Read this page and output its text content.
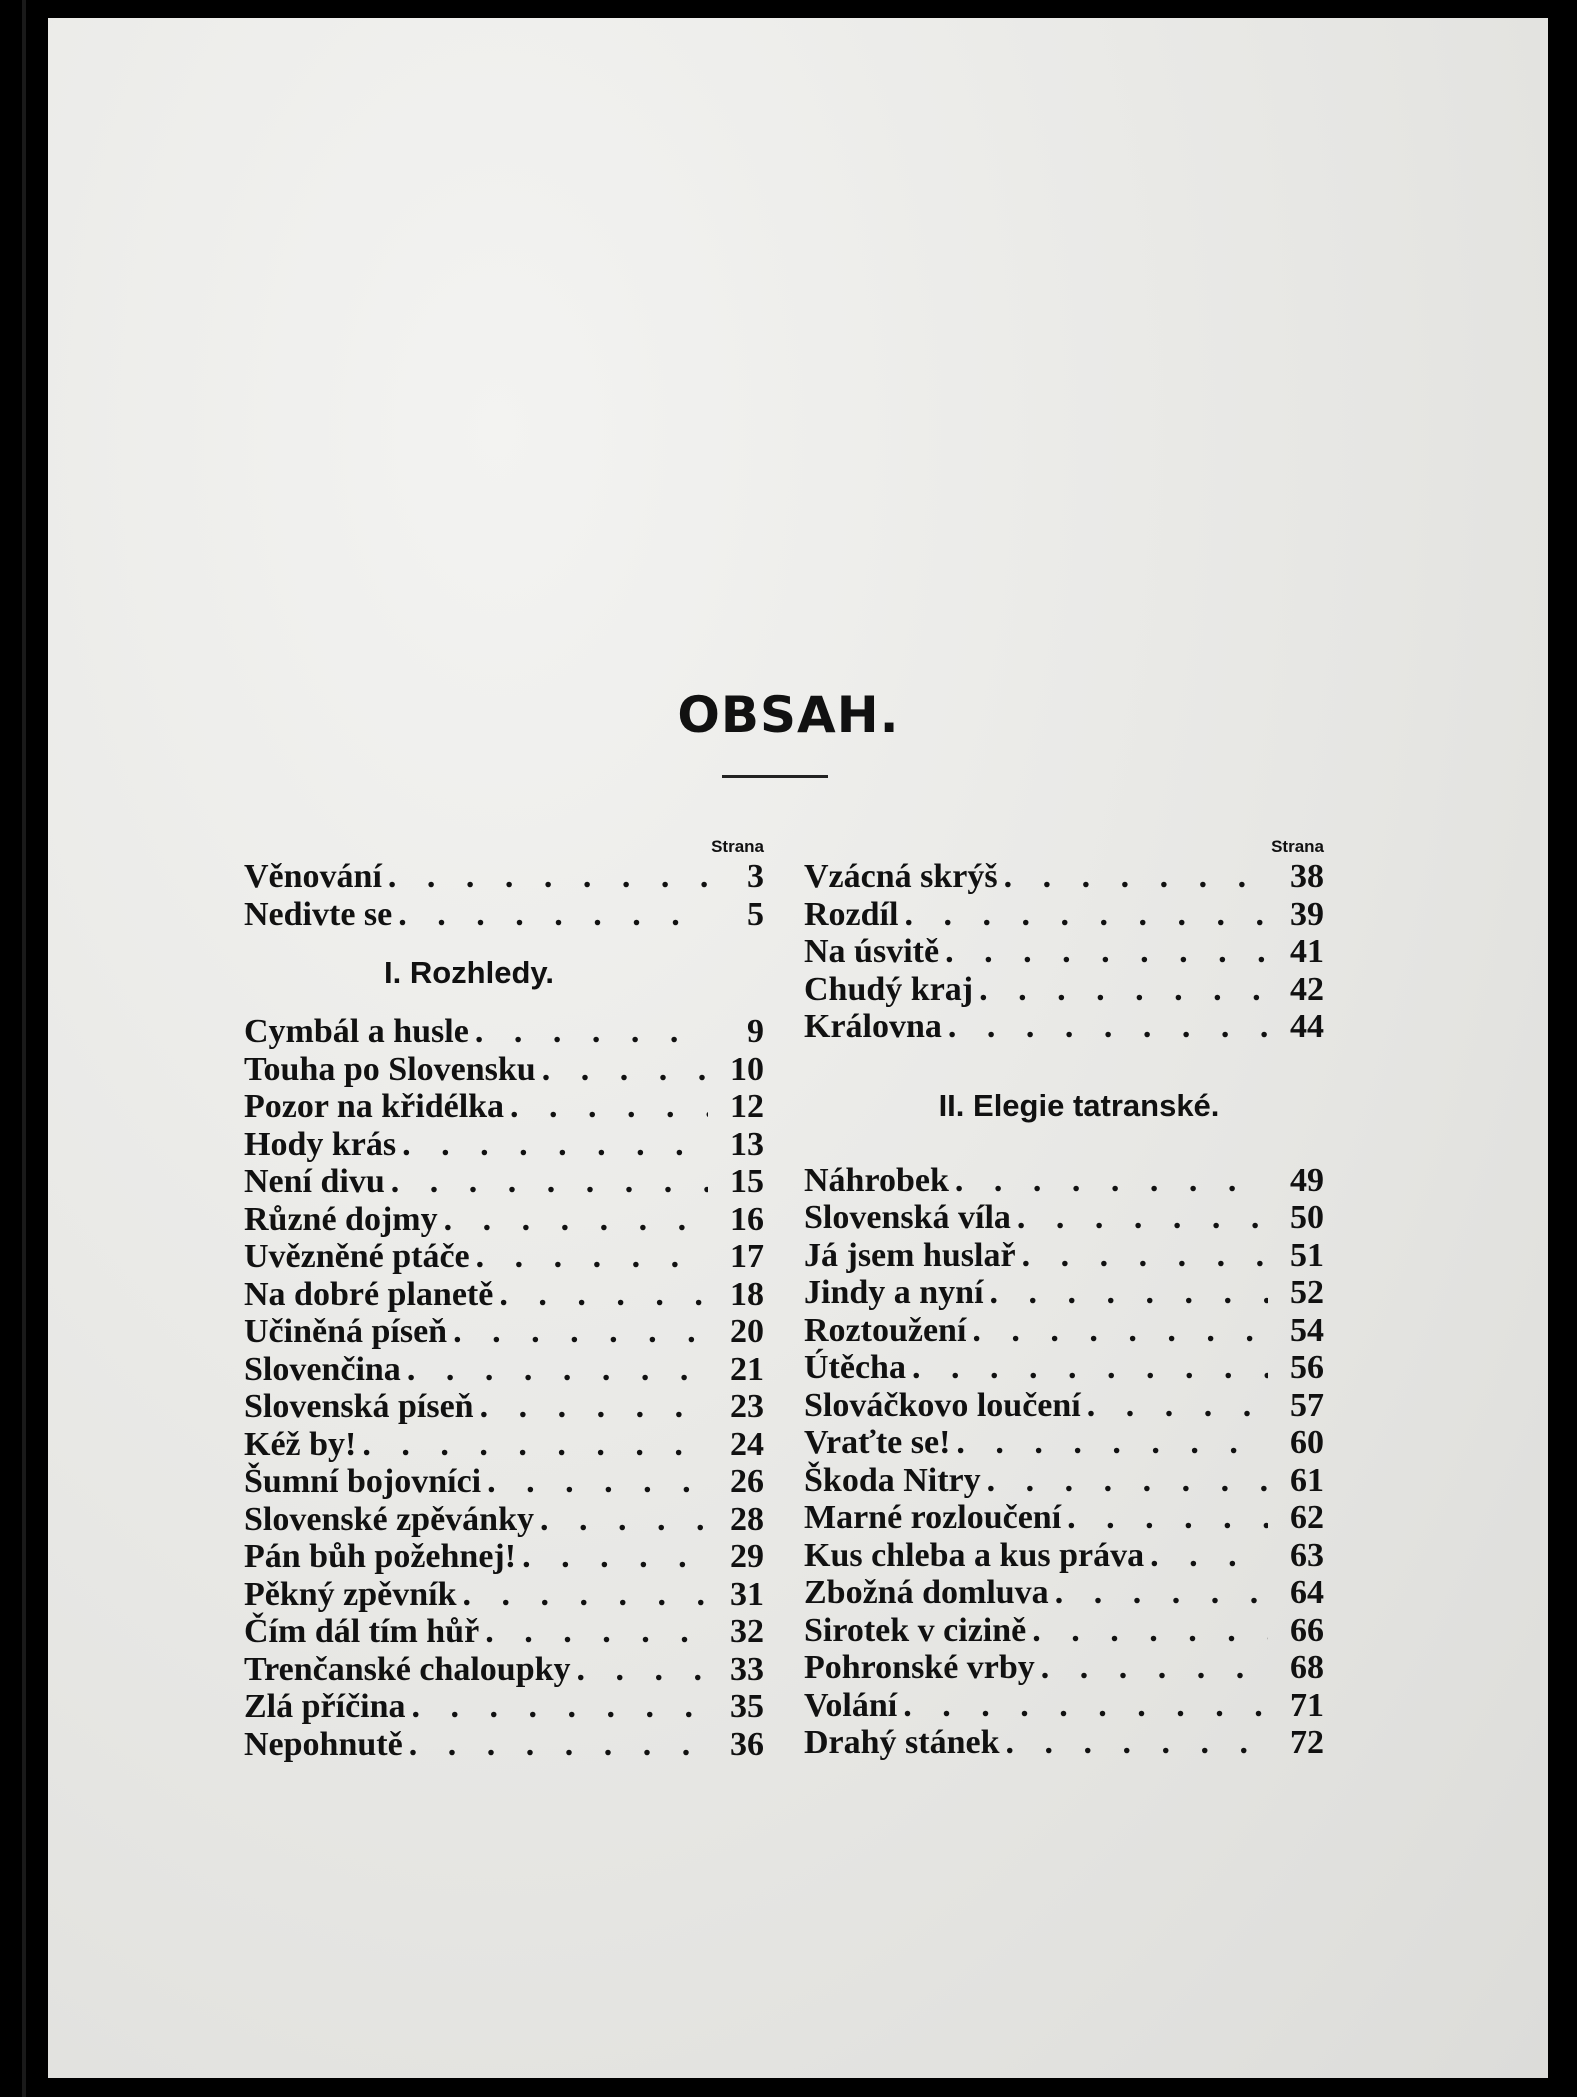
OBSAH.
Strana
Věnování . . .	3
Nedivte se . . .	5
I. Rozhledy.
Cymbál a husle . . .	9
Touha po Slovensku . . .	10
Pozor na křidélka . . .	12
Hody krás . . .	13
Není divu . . .	15
Různé dojmy . . .	16
Uvězněné ptáče . . .	17
Na dobré planetě . . .	18
Učiněná píseň . . .	20
Slovenčina . . .	21
Slovenská píseň . . .	23
Kéž by! . . .	24
Šumní bojovníci . . .	26
Slovenské zpěvánky . . .	28
Pán bůh požehnej! . . .	29
Pěkný zpěvník . . .	31
Čím dál tím hůř . . .	32
Trenčanské chaloupky . . .	33
Zlá příčina . . .	35
Nepohnutě . . .	36
Strana
Vzácná skrýš . . .	38
Rozdíl . . .	39
Na úsvitě . . .	41
Chudý kraj . . .	42
Královna . . .	44
II. Elegie tatranské.
Náhrobek . . .	49
Slovenská víla . . .	50
Já jsem huslař . . .	51
Jindy a nyní . . .	52
Roztoužení . . .	54
Útěcha . . .	56
Slováčkovo loučení . . .	57
Vraťte se! . . .	60
Škoda Nitry . . .	61
Marné rozloučení . . .	62
Kus chleba a kus práva . . .	63
Zbožná domluva . . .	64
Sirotek v cizině . . .	66
Pohronské vrby . . .	68
Volání . . .	71
Drahý stánek . . .	72
